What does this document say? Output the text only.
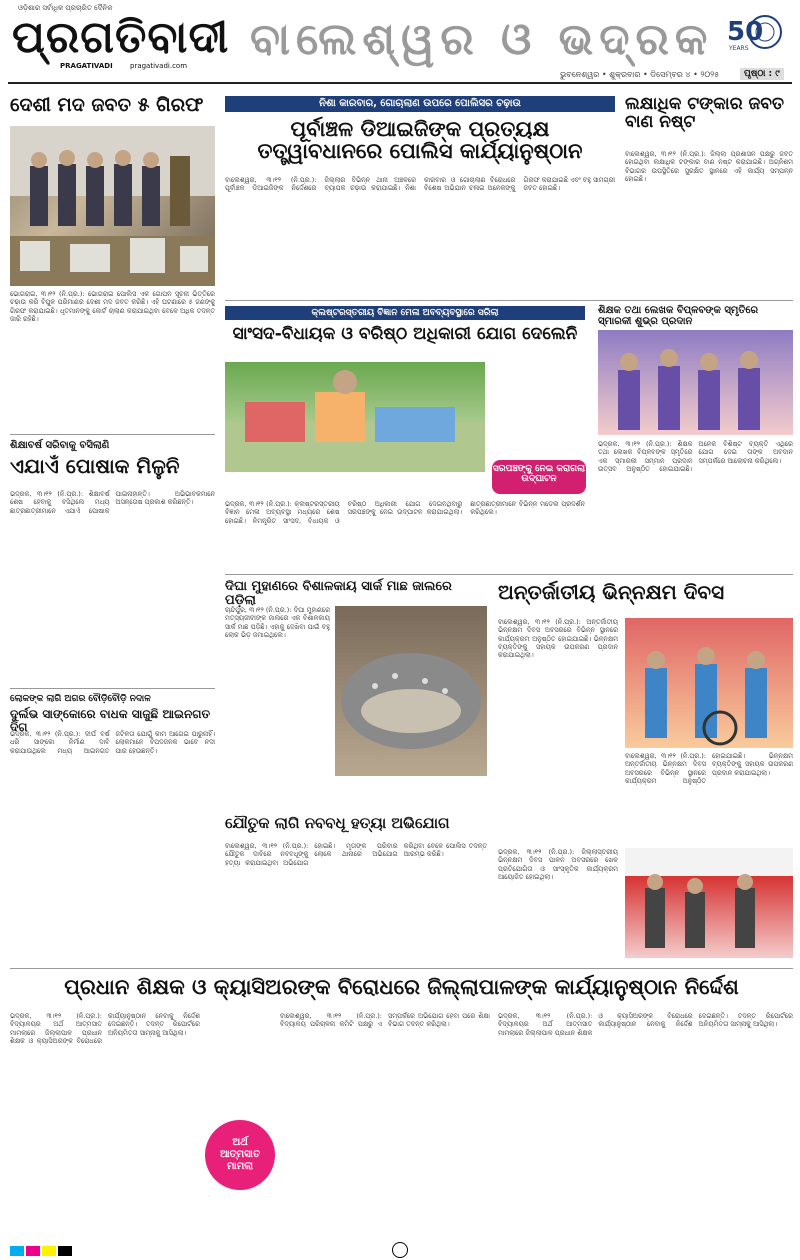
ଓଡ଼ିଶାର ସର୍ବାଧିକ ପ୍ରଚାରିତ ଦୈନିକ
ପ୍ରଗତିବାଦୀ
PRAGATIVADI pragativadi.com
ବାଲେଶ୍ୱର ଓ ଭଦ୍ରକ 50
YEARS
ଭୁବନେଶ୍ୱର • ଶୁକ୍ରବାର • ଡିସେମ୍ବର ୪ • ୨୦୨୫	ପୃଷ୍ଠା : ୯
ଦେଶୀ ମଦ ଜବତ ୫ ଗିରଫ

ଭୋଗରାଇ, ୩।୧୨ (ନି.ପ୍ର.): ଭୋଗରାଇ ପୋଲିସ ଏକ ଗୋପନ ସୂଚନା ଭିତ୍ତିରେ ଚଢ଼ାଉ କରି ବିପୁଳ ପରିମାଣର ଦେଶୀ ମଦ ଜବତ କରିଛି। ଏହି ଘଟଣାରେ ୫ ଜଣଙ୍କୁ ଗିରଫ କରାଯାଇଛି। ଧୃତମାନଙ୍କୁ କୋର୍ଟ ଚାଲାଣ କରାଯାଇଥିବା ବେଳେ ଅଧିକ ତଦନ୍ତ ଜାରି ରହିଛି।

ନିଶା କାରବାର, ଗୋଚାଲାଣ ଉପରେ ପୋଲିସର ଚଢ଼ାଉ
ପୂର୍ବାଞ୍ଚଳ ଡିଆଇଜିଙ୍କ ପ୍ରତ୍ୟକ୍ଷ ତତ୍ତ୍ୱାବଧାନରେ ପୋଲିସ କାର୍ଯ୍ୟାନୁଷ୍ଠାନ

ବାଲେଶ୍ୱର, ୩।୧୨ (ନି.ପ୍ର.): ପୂର୍ବାଞ୍ଚଳ ଡିଆଇଜିଙ୍କ ନିର୍ଦ୍ଦେଶରେ ଜିଲ୍ଲାର ବିଭିନ୍ନ ଥାନା ଅଞ୍ଚଳରେ ବ୍ୟାପକ ଚଢ଼ାଉ କରାଯାଇଛି। ନିଶା କାରବାର ଓ ଗୋଚାଲାଣ ବିରୋଧରେ ବିଶେଷ ଅଭିଯାନ ଚଳାଇ ଅନେକଙ୍କୁ ଗିରଫ କରାଯାଇଛି ଏବଂ ବହୁ ସାମଗ୍ରୀ ଜବତ ହୋଇଛି।

ଲକ୍ଷାଧିକ ଟଙ୍କାର ଜବତ ବାଣ ନଷ୍ଟ

ବାଲେଶ୍ୱର, ୩।୧୨ (ନି.ପ୍ର.): ଜିଲ୍ଲା ପ୍ରଶାସନ ପକ୍ଷରୁ ଜବତ ହୋଇଥିବା ଲକ୍ଷାଧିକ ଟଙ୍କାର ବାଣ ନଷ୍ଟ କରାଯାଇଛି। ଅଗ୍ନିଶମ ବିଭାଗର ଉପସ୍ଥିତିରେ ସୁରକ୍ଷିତ ସ୍ଥାନରେ ଏହି କାର୍ଯ୍ୟ ସମ୍ପନ୍ନ ହୋଇଛି।

କ୍ଲଷ୍ଟରସ୍ତରୀୟ ବିଜ୍ଞାନ ମେଳା ଅବବ୍ୟବସ୍ଥାରେ ସରିଲା
ସାଂସଦ-ବିଧାୟକ ଓ ବରିଷ୍ଠ ଅଧିକାରୀ ଯୋଗ ଦେଲେନି
ସରପଞ୍ଚଙ୍କୁ ନେଇ କରାଗଲା ଉଦ୍‌ଘାଟନ

ଭଦ୍ରକ, ୩।୧୨ (ନି.ପ୍ର.): କ୍ଲଷ୍ଟରସ୍ତରୀୟ ବିଜ୍ଞାନ ମେଳା ଅବ୍ୟବସ୍ଥା ମଧ୍ୟରେ ଶେଷ ହୋଇଛି। ନିମନ୍ତ୍ରିତ ସାଂସଦ, ବିଧାୟକ ଓ ବରିଷ୍ଠ ଅଧିକାରୀ ଯୋଗ ଦେଇନଥିବାରୁ ସରପଞ୍ଚଙ୍କୁ ନେଇ ଉଦ୍‌ଘାଟନ କରାଯାଇଥିଲା। ଛାତ୍ରଛାତ୍ରୀମାନେ ବିଭିନ୍ନ ମଡେଲ ପ୍ରଦର୍ଶନ କରିଥିଲେ।

ଶିକ୍ଷକ ତଥା ଲେଖକ ବିପ୍ଳବଙ୍କ ସ୍ମୃତିରେ ସ୍ମାରକୀ ଶୁଭ୍ର ପ୍ରଦାନ

ଭଦ୍ରକ, ୩।୧୨ (ନି.ପ୍ର.): ଶିକ୍ଷକ ତଥା ଲେଖକ ବିପ୍ଳବଙ୍କ ସ୍ମୃତିରେ ଏକ ସ୍ମାରକୀ ସମ୍ମାନ ପ୍ରଦାନ ଉତ୍ସବ ଅନୁଷ୍ଠିତ ହୋଇଯାଇଛି। ଅନେକ ବିଶିଷ୍ଟ ବ୍ୟକ୍ତି ଏଥିରେ ଯୋଗ ଦେଇ ତାଙ୍କ ଅବଦାନ ସମ୍ପର୍କରେ ଆଲୋଚନା କରିଥିଲେ।

ଶିକ୍ଷାବର୍ଷ ସରିବାକୁ ବସିଲାଣି
ଏଯାଏଁ ପୋଷାକ ମିଳୁନି

ଭଦ୍ରକ, ୩।୧୨ (ନି.ପ୍ର.): ଶିକ୍ଷାବର୍ଷ ଶେଷ ହେବାକୁ ବସିଥିଲେ ମଧ୍ୟ ଛାତ୍ରଛାତ୍ରୀମାନେ ଏଯାଏଁ ପୋଷାକ ପାଇନାହାନ୍ତି। ଅଭିଭାବକମାନେ ଅସନ୍ତୋଷ ପ୍ରକାଶ କରିଛନ୍ତି।

ଦିଘା ମୁହାଣରେ ବିଶାଳକାୟ ସାର୍କ ମାଛ ଜାଲରେ ପଡ଼ିଲା

ଚାନ୍ଦିପୁର, ୩।୧୨ (ନି.ପ୍ର.): ଦିଘା ମୁହାଣରେ ମତ୍ସ୍ୟଜୀବୀଙ୍କ ଜାଲରେ ଏକ ବିଶାଳକାୟ ସାର୍କ ମାଛ ପଡ଼ିଛି। ଏହାକୁ ଦେଖିବା ପାଇଁ ବହୁ ଲୋକ ଭିଡ଼ ଜମାଇଥିଲେ।

ଅନ୍ତର୍ଜାତୀୟ ଭିନ୍ନକ୍ଷମ ଦିବସ

ବାଲେଶ୍ୱର, ୩।୧୨ (ନି.ପ୍ର.): ଅନ୍ତର୍ଜାତୀୟ ଭିନ୍ନକ୍ଷମ ଦିବସ ଅବସରରେ ବିଭିନ୍ନ ସ୍ଥାନରେ କାର୍ଯ୍ୟକ୍ରମ ଅନୁଷ୍ଠିତ ହୋଇଯାଇଛି। ଭିନ୍ନକ୍ଷମ ବ୍ୟକ୍ତିଙ୍କୁ ସହାୟକ ଉପକରଣ ପ୍ରଦାନ କରାଯାଇଥିଲା।

ବାଲେଶ୍ୱର, ୩।୧୨ (ନି.ପ୍ର.): ଅନ୍ତର୍ଜାତୀୟ ଭିନ୍ନକ୍ଷମ ଦିବସ ଅବସରରେ ବିଭିନ୍ନ ସ୍ଥାନରେ କାର୍ଯ୍ୟକ୍ରମ ଅନୁଷ୍ଠିତ ହୋଇଯାଇଛି। ଭିନ୍ନକ୍ଷମ ବ୍ୟକ୍ତିଙ୍କୁ ସହାୟକ ଉପକରଣ ପ୍ରଦାନ କରାଯାଇଥିଲା।

ଭଦ୍ରକ, ୩।୧୨ (ନି.ପ୍ର.): ଜିଲ୍ଲାସ୍ତରୀୟ ଭିନ୍ନକ୍ଷମ ଦିବସ ପାଳନ ଅବସରରେ ଖେଳ ପ୍ରତିଯୋଗିତା ଓ ସାଂସ୍କୃତିକ କାର୍ଯ୍ୟକ୍ରମ ଆୟୋଜିତ ହୋଇଥିଲା।

ଲୋକଙ୍କ ଲାଗି ଅଗର ବୌଡ଼ିବୌଡ଼ି ନଦାଳ
ଦୁର୍ଲଭ ସାଙ୍କୋରେ ବାଧକ ସାଜୁଛି ଆଇନଗତ ଦିଗ

ଭଦ୍ରକ, ୩।୧୨ (ନି.ପ୍ର.): ଦୀର୍ଘ ବର୍ଷ ଧରି ସାଙ୍କୋ ନିର୍ମାଣ ଦାବି କରାଯାଉଥିଲେ ମଧ୍ୟ ଆଇନଗତ ଜଟିଳତା ଯୋଗୁଁ କାମ ଆଗେଇ ପାରୁନାହିଁ। ଲୋକମାନେ ବିପଦଜନକ ଭାବେ ନଦୀ ପାର ହେଉଛନ୍ତି।

ଯୌତୁକ ଲାଗି ନବବଧୂ ହତ୍ୟା ଅଭିଯୋଗ

ବାଲେଶ୍ୱର, ୩।୧୨ (ନି.ପ୍ର.): ଯୌତୁକ ଦାବିରେ ନବବଧୂଙ୍କୁ ହତ୍ୟା କରାଯାଇଥିବା ଅଭିଯୋଗ ହୋଇଛି। ମୃତାଙ୍କ ପରିବାର ଲୋକେ ଥାନାରେ ଅଭିଯୋଗ କରିଥିବା ବେଳେ ପୋଲିସ ତଦନ୍ତ ଆରମ୍ଭ କରିଛି।

ପ୍ରଧାନ ଶିକ୍ଷକ ଓ କ୍ୟାସିଅରଙ୍କ ବିରୋଧରେ ଜିଲ୍ଲାପାଳଙ୍କ କାର୍ଯ୍ୟାନୁଷ୍ଠାନ ନିର୍ଦ୍ଦେଶ

ଭଦ୍ରକ, ୩।୧୨ (ନି.ପ୍ର.): ବିଦ୍ୟାଳୟର ଅର୍ଥ ଆତ୍ମସାତ ମାମଲାରେ ଜିଲ୍ଲାପାଳ ପ୍ରଧାନ ଶିକ୍ଷକ ଓ କ୍ୟାସିଅରଙ୍କ ବିରୋଧରେ କାର୍ଯ୍ୟାନୁଷ୍ଠାନ ନେବାକୁ ନିର୍ଦ୍ଦେଶ ଦେଇଛନ୍ତି। ତଦନ୍ତ ରିପୋର୍ଟରେ ଅନିୟମିତତା ସାମ୍ନାକୁ ଆସିଥିଲା।

ଅର୍ଥ
ଆତ୍ମସାତ
ମାମଲା

ବାଲେଶ୍ୱର, ୩।୧୨ (ନି.ପ୍ର.): ବିଦ୍ୟାଳୟ ପରିଚାଳନା କମିଟି ପକ୍ଷରୁ ଏ ସମ୍ପର୍କରେ ଅଭିଯୋଗ ହେବା ପରେ ଶିକ୍ଷା ବିଭାଗ ତଦନ୍ତ କରିଥିଲା।

ଭଦ୍ରକ, ୩।୧୨ (ନି.ପ୍ର.): ବିଦ୍ୟାଳୟର ଅର୍ଥ ଆତ୍ମସାତ ମାମଲାରେ ଜିଲ୍ଲାପାଳ ପ୍ରଧାନ ଶିକ୍ଷକ ଓ କ୍ୟାସିଅରଙ୍କ ବିରୋଧରେ କାର୍ଯ୍ୟାନୁଷ୍ଠାନ ନେବାକୁ ନିର୍ଦ୍ଦେଶ ଦେଇଛନ୍ତି। ତଦନ୍ତ ରିପୋର୍ଟରେ ଅନିୟମିତତା ସାମ୍ନାକୁ ଆସିଥିଲା।
